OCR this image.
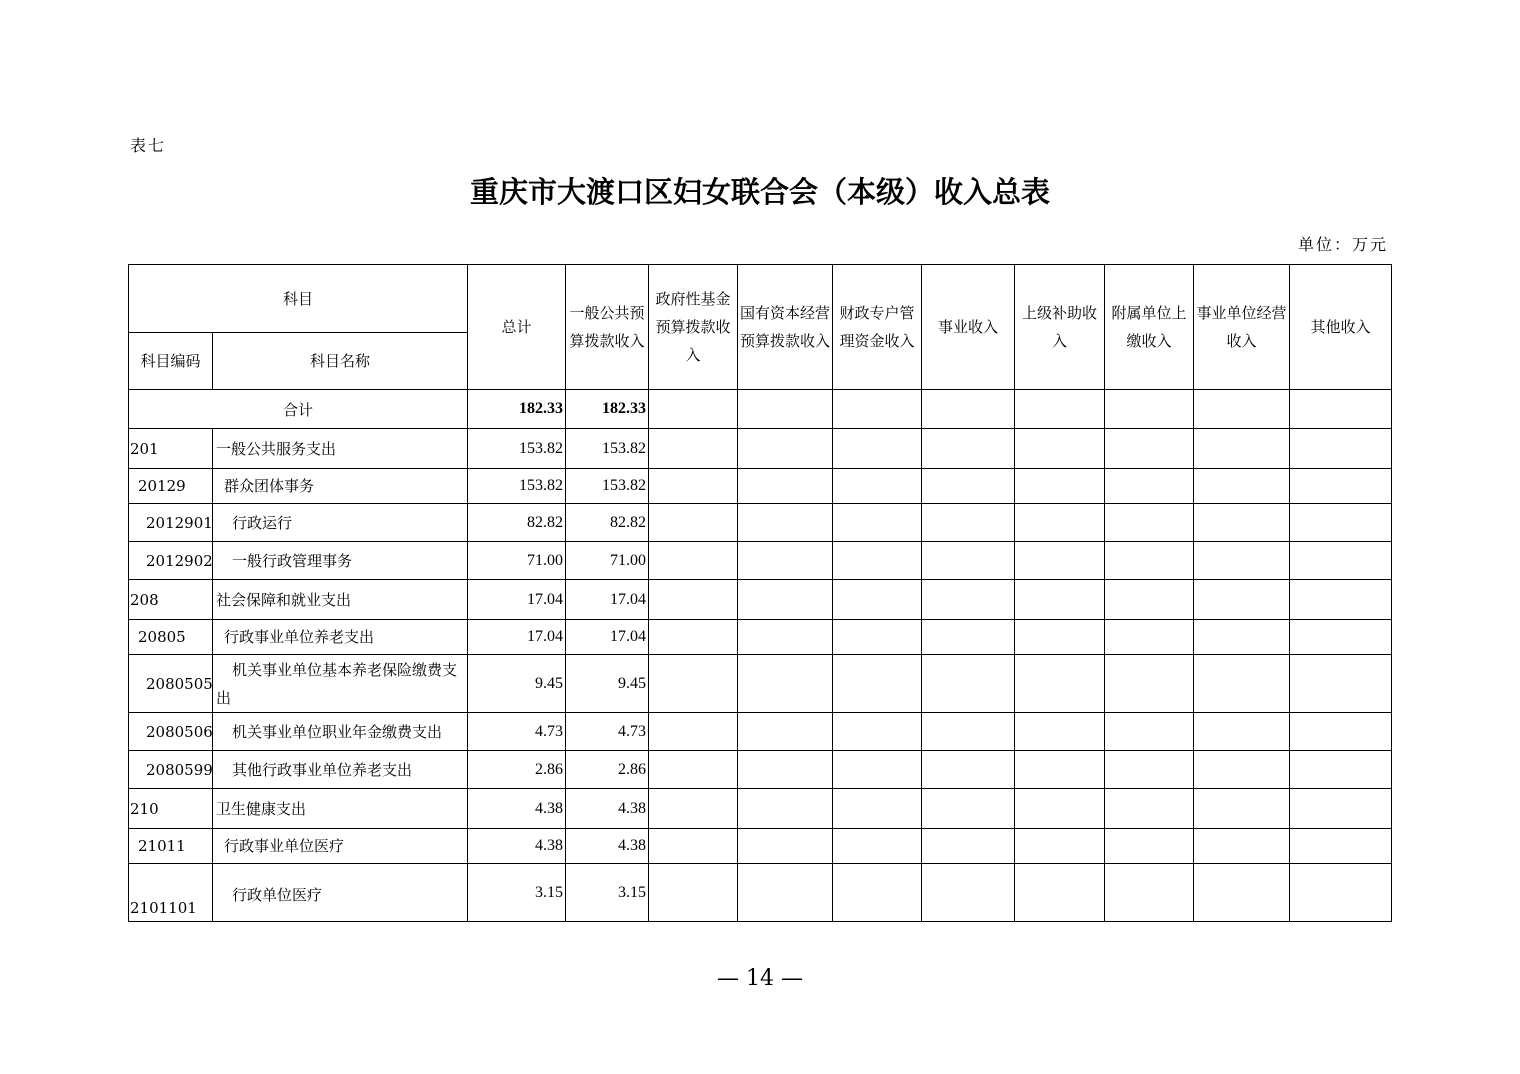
表七
重庆市大渡口区妇女联合会（本级）收入总表
单位：万元
科目		总计	一般公共预算拨款收入	政府性基金预算拨款收入	国有资本经营预算拨款收入	财政专户管理资金收入	事业收入	上级补助收入	附属单位上缴收入	事业单位经营收入	其他收入
科目编码	科目名称										
合计		182.33	182.33								
201	一般公共服务支出	153.82	153.82								
20129	群众团体事务	153.82	153.82								
2012901	行政运行	82.82	82.82								
2012902	一般行政管理事务	71.00	71.00								
208	社会保障和就业支出	17.04	17.04								
20805	行政事业单位养老支出	17.04	17.04								
2080505	机关事业单位基本养老保险缴费支出	9.45	9.45								
2080506	机关事业单位职业年金缴费支出	4.73	4.73								
2080599	其他行政事业单位养老支出	2.86	2.86								
210	卫生健康支出	4.38	4.38								
21011	行政事业单位医疗	4.38	4.38								
2101101	行政单位医疗	3.15	3.15								
— 14 —
